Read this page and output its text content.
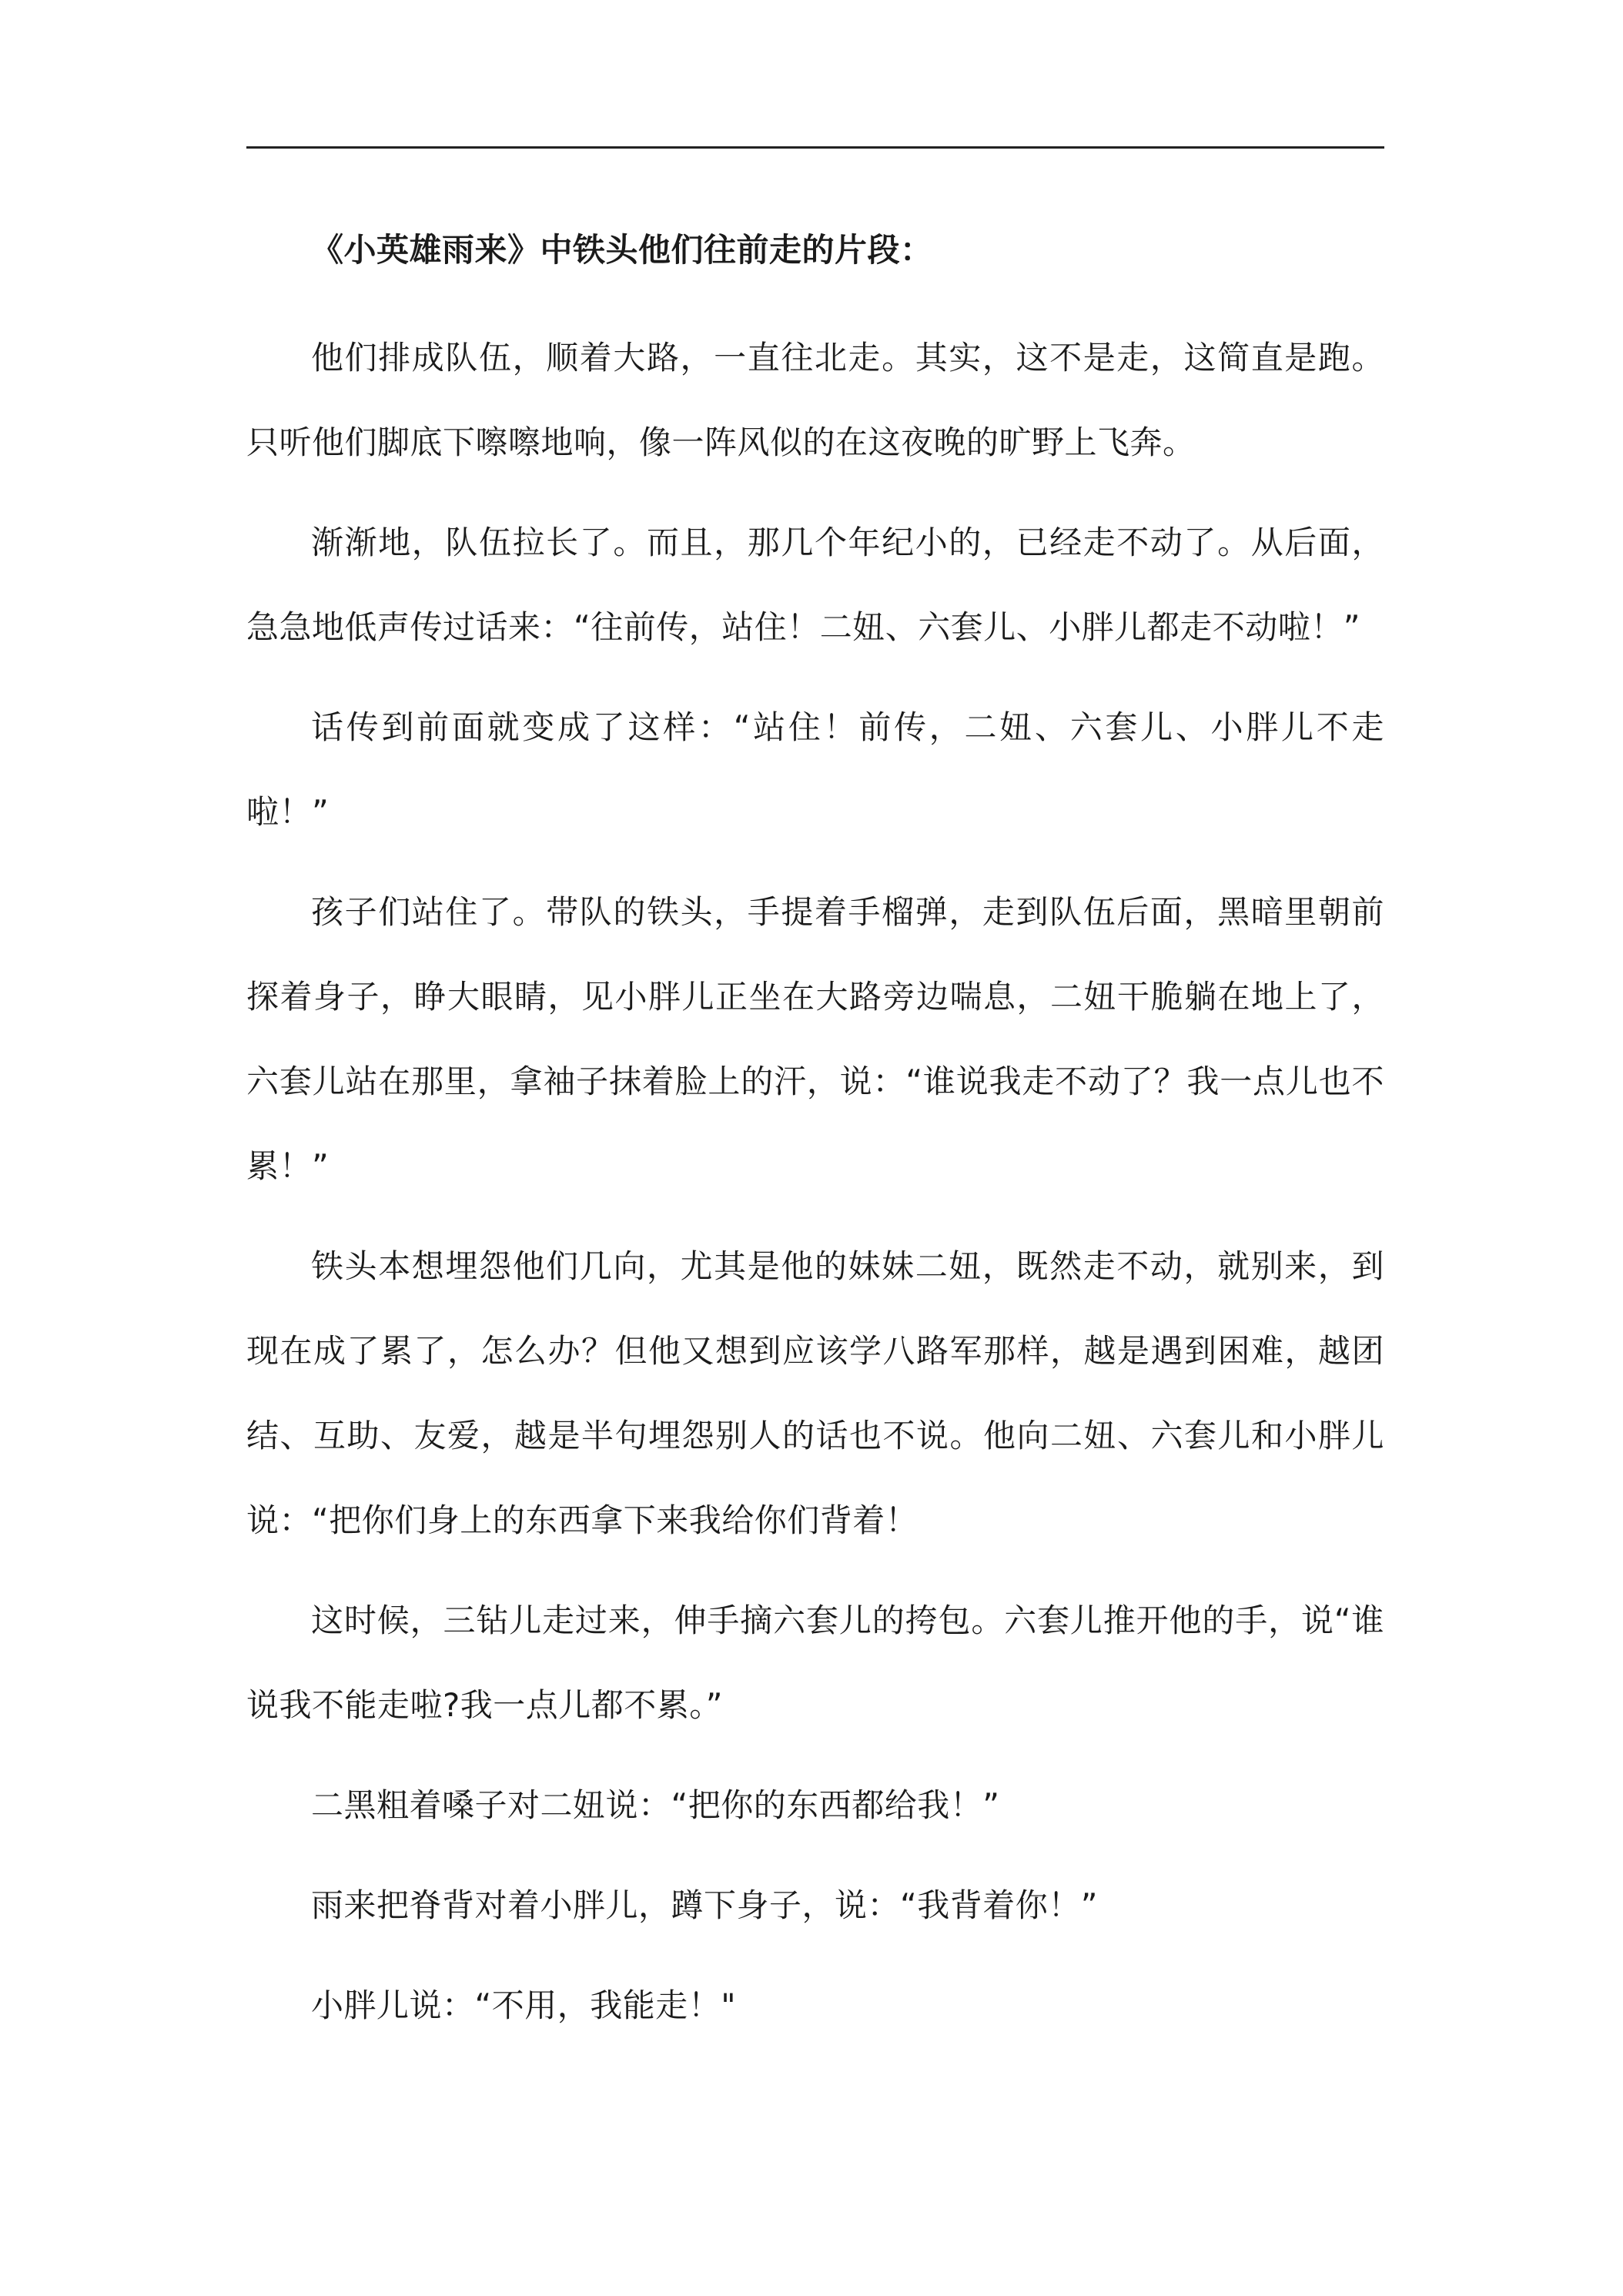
《小英雄雨来》中铁头他们往前走的片段：

他们排成队伍，顺着大路，一直往北走。其实，这不是走，这简直是跑。只听他们脚底下嚓嚓地响，像一阵风似的在这夜晚的旷野上飞奔。

渐渐地，队伍拉长了。而且，那几个年纪小的，已经走不动了。从后面，急急地低声传过话来：“往前传，站住！二妞、六套儿、小胖儿都走不动啦！”

话传到前面就变成了这样：“站住！前传，二妞、六套儿、小胖儿不走啦！”

孩子们站住了。带队的铁头，手提着手榴弹，走到队伍后面，黑暗里朝前探着身子，睁大眼睛，见小胖儿正坐在大路旁边喘息，二妞干脆躺在地上了，六套儿站在那里，拿袖子抹着脸上的汗，说：“谁说我走不动了？我一点儿也不累！”

铁头本想埋怨他们几向，尤其是他的妹妹二妞，既然走不动，就别来，到现在成了累了，怎么办？但他又想到应该学八路军那样，越是遇到困难，越团结、互助、友爱，越是半句埋怨别人的话也不说。他向二妞、六套儿和小胖儿说：“把你们身上的东西拿下来我给你们背着！

这时候，三钻儿走过来，伸手摘六套儿的挎包。六套儿推开他的手，说“谁说我不能走啦?我一点儿都不累。”

二黑粗着嗓子对二妞说：“把你的东西都给我！”

雨来把脊背对着小胖儿，蹲下身子，说：“我背着你！”

小胖儿说：“不用，我能走！"
